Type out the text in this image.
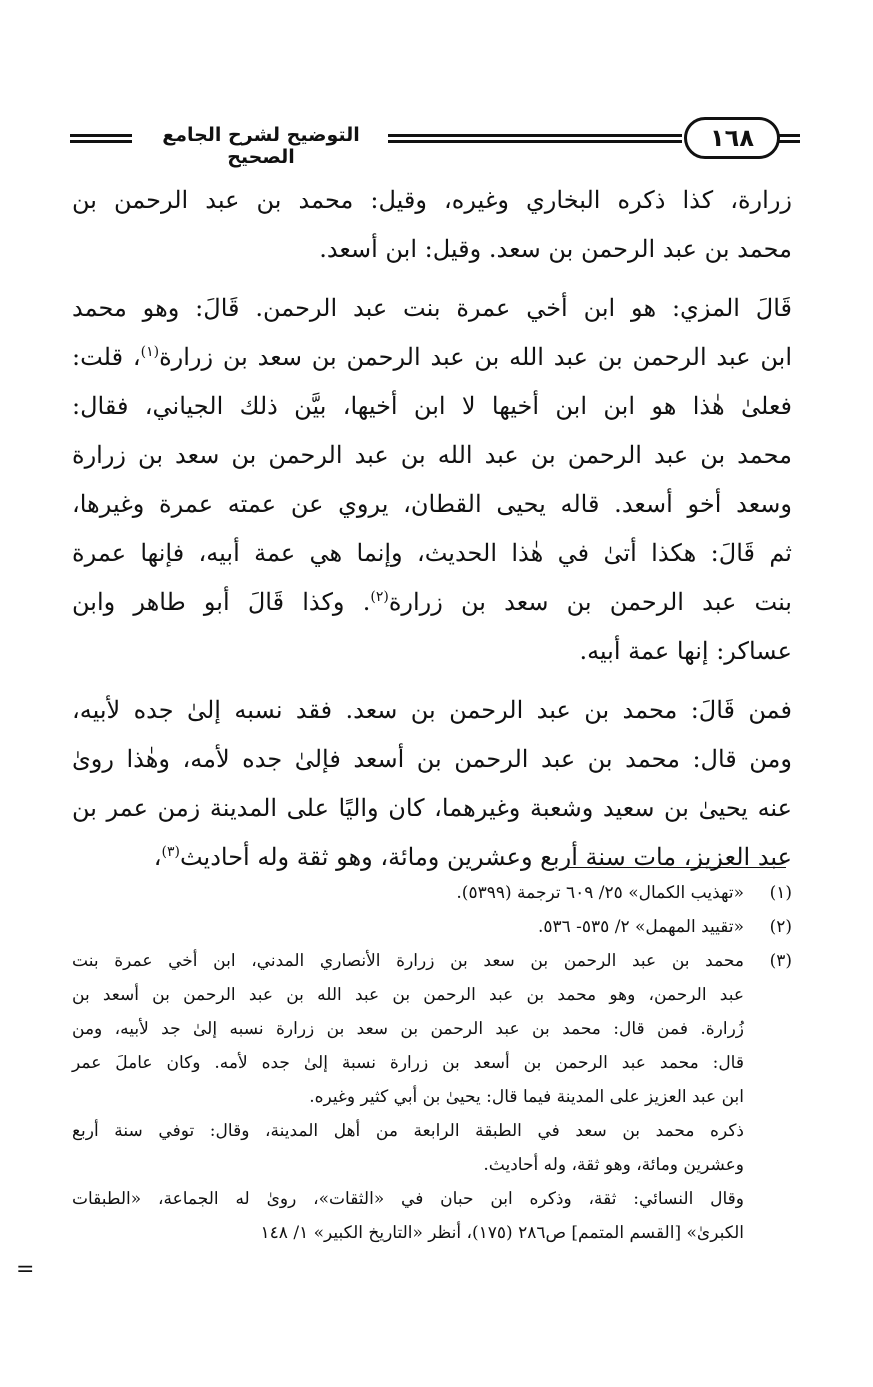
التوضيح لشرح الجامع الصحيح
١٦٨
زرارة، كذا ذكره البخاري وغيره، وقيل: محمد بن عبد الرحمن بن
محمد بن عبد الرحمن بن سعد. وقيل: ابن أسعد.
قَالَ المزي: هو ابن أخي عمرة بنت عبد الرحمن. قَالَ: وهو محمد
ابن عبد الرحمن بن عبد الله بن عبد الرحمن بن سعد بن زرارة$^{(١)}$، قلت:
فعلىٰ هٰذا هو ابن ابن أخيها لا ابن أخيها، بيَّن ذلك الجياني، فقال:
محمد بن عبد الرحمن بن عبد الله بن عبد الرحمن بن سعد بن زرارة
وسعد أخو أسعد. قاله يحيى القطان، يروي عن عمته عمرة وغيرها،
ثم قَالَ: هكذا أتىٰ في هٰذا الحديث، وإنما هي عمة أبيه، فإنها عمرة
بنت عبد الرحمن بن سعد بن زرارة$^{(٢)}$. وكذا قَالَ أبو طاهر وابن
عساكر: إنها عمة أبيه.
فمن قَالَ: محمد بن عبد الرحمن بن سعد. فقد نسبه إلىٰ جده لأبيه،
ومن قال: محمد بن عبد الرحمن بن أسعد فإلىٰ جده لأمه، وهٰذا روىٰ
عنه يحيىٰ بن سعيد وشعبة وغيرهما، كان واليًا على المدينة زمن عمر بن
عبد العزيز، مات سنة أربع وعشرين ومائة، وهو ثقة وله أحاديث$^{(٣)}$،
(١)
«تهذيب الكمال» ٢٥/ ٦٠٩ ترجمة (٥٣٩٩).
(٢)
«تقييد المهمل» ٢/ ٥٣٥- ٥٣٦.
(٣)
محمد بن عبد الرحمن بن سعد بن زرارة الأنصاري المدني، ابن أخي عمرة بنت
عبد الرحمن، وهو محمد بن عبد الرحمن بن عبد الله بن عبد الرحمن بن أسعد بن
زُرارة. فمن قال: محمد بن عبد الرحمن بن سعد بن زرارة نسبه إلىٰ جد لأبيه، ومن
قال: محمد عبد الرحمن بن أسعد بن زرارة نسبة إلىٰ جده لأمه. وكان عاملَ عمر
ابن عبد العزيز على المدينة فيما قال: يحيىٰ بن أبي كثير وغيره.
ذكره محمد بن سعد في الطبقة الرابعة من أهل المدينة، وقال: توفي سنة أربع
وعشرين ومائة، وهو ثقة، وله أحاديث.
وقال النسائي: ثقة، وذكره ابن حبان في «الثقات»، روىٰ له الجماعة، «الطبقات
الكبرىٰ» [القسم المتمم] ص٢٨٦ (١٧٥)، أنظر «التاريخ الكبير» ١/ ١٤٨
=
